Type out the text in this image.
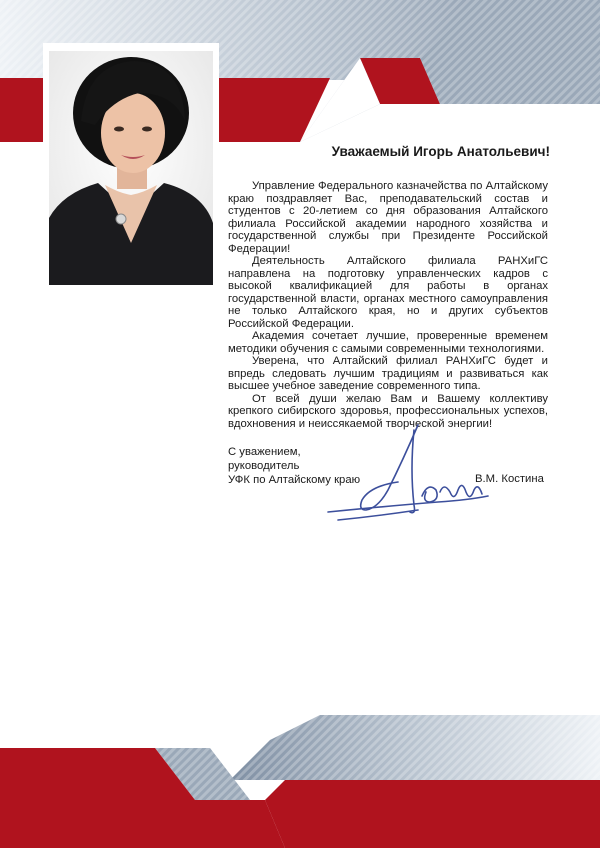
Уважаемый Игорь Анатольевич!

Управление Федерального казначейства по Алтайскому краю поздравляет Вас, преподавательский состав и студентов с 20-летием со дня образования Алтайского филиала Российской академии народного хозяйства и государственной службы при Президенте Российской Федерации!

Деятельность Алтайского филиала РАНХиГС направлена на подготовку управленческих кадров с высокой квалификацией для работы в органах государственной власти, органах местного самоуправления не только Алтайского края, но и других субъектов Российской Федерации.

Академия сочетает лучшие, проверенные временем методики обучения с самыми современными технологиями.

Уверена, что Алтайский филиал РАНХиГС будет и впредь следовать лучшим традициям и развиваться как высшее учебное заведение современного типа.

От всей души желаю Вам и Вашему коллективу крепкого сибирского здоровья, профессиональных успехов, вдохновения и неиссякаемой творческой энергии!

С уважением,
руководитель
УФК по Алтайскому краю	В.М. Костина
